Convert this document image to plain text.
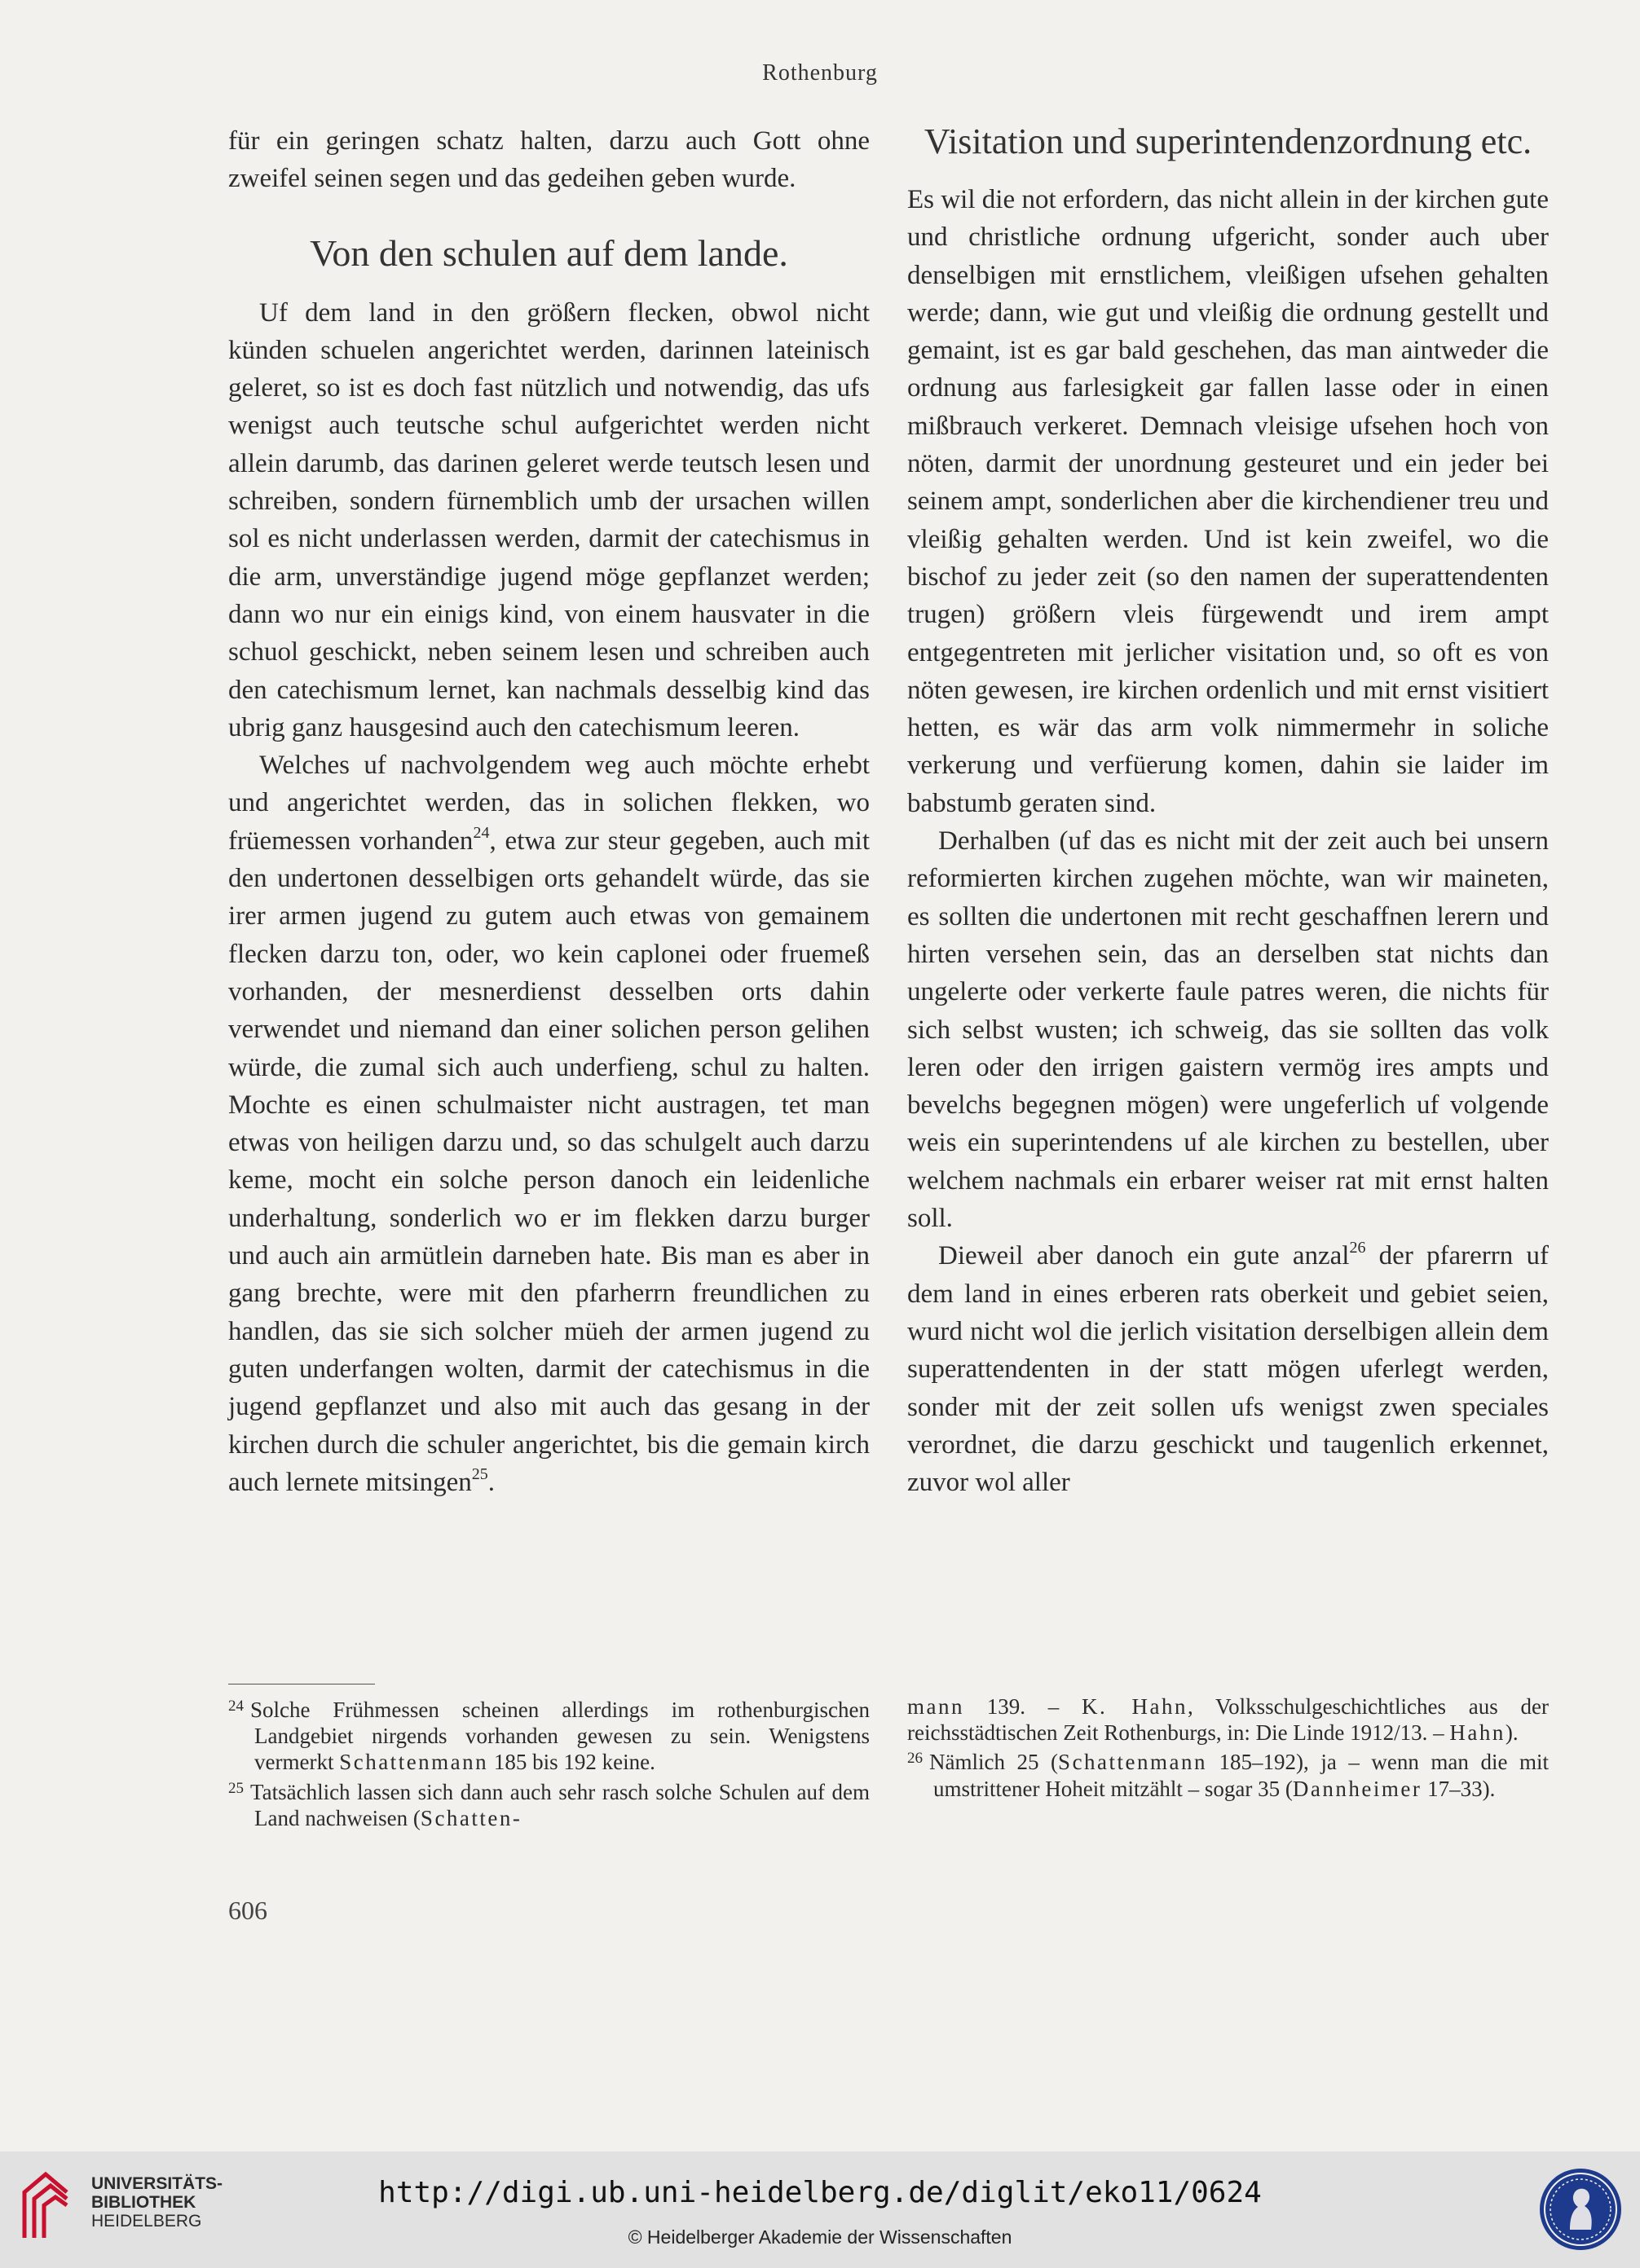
Rothenburg

für ein geringen schatz halten, darzu auch Gott ohne zweifel seinen segen und das gedeihen geben wurde.

Von den schulen auf dem lande.

Uf dem land in den größern flecken, obwol nicht künden schuelen angerichtet werden, darinnen lateinisch geleret, so ist es doch fast nützlich und notwendig, das ufs wenigst auch teutsche schul aufgerichtet werden nicht allein darumb, das darinen geleret werde teutsch lesen und schreiben, sondern fürnemblich umb der ursachen willen sol es nicht underlassen werden, darmit der catechismus in die arm, unverständige jugend möge gepflanzet werden; dann wo nur ein einigs kind, von einem hausvater in die schuol geschickt, neben seinem lesen und schreiben auch den catechismum lernet, kan nachmals desselbig kind das ubrig ganz hausgesind auch den catechismum leeren.

Welches uf nachvolgendem weg auch möchte erhebt und angerichtet werden, das in solichen flekken, wo früemessen vorhanden$^{24}$, etwa zur steur gegeben, auch mit den undertonen desselbigen orts gehandelt würde, das sie irer armen jugend zu gutem auch etwas von gemainem flecken darzu ton, oder, wo kein caplonei oder fruemeß vorhanden, der mesnerdienst desselben orts dahin verwendet und niemand dan einer solichen person gelihen würde, die zumal sich auch underfieng, schul zu halten. Mochte es einen schulmaister nicht austragen, tet man etwas von heiligen darzu und, so das schulgelt auch darzu keme, mocht ein solche person danoch ein leidenliche underhaltung, sonderlich wo er im flekken darzu burger und auch ain armütlein darneben hate. Bis man es aber in gang brechte, were mit den pfarherrn freundlichen zu handlen, das sie sich solcher müeh der armen jugend zu guten underfangen wolten, darmit der catechismus in die jugend gepflanzet und also mit auch das gesang in der kirchen durch die schuler angerichtet, bis die gemain kirch auch lernete mitsingen$^{25}$.

Visitation und superintendenzordnung etc.

Es wil die not erfordern, das nicht allein in der kirchen gute und christliche ordnung ufgericht, sonder auch uber denselbigen mit ernstlichem, vleißigen ufsehen gehalten werde; dann, wie gut und vleißig die ordnung gestellt und gemaint, ist es gar bald geschehen, das man aintweder die ordnung aus farlesigkeit gar fallen lasse oder in einen mißbrauch verkeret. Demnach vleisige ufsehen hoch von nöten, darmit der unordnung gesteuret und ein jeder bei seinem ampt, sonderlichen aber die kirchendiener treu und vleißig gehalten werden. Und ist kein zweifel, wo die bischof zu jeder zeit (so den namen der superattendenten trugen) größern vleis fürgewendt und irem ampt entgegentreten mit jerlicher visitation und, so oft es von nöten gewesen, ire kirchen ordenlich und mit ernst visitiert hetten, es wär das arm volk nimmermehr in soliche verkerung und verfüerung komen, dahin sie laider im babstumb geraten sind.

Derhalben (uf das es nicht mit der zeit auch bei unsern reformierten kirchen zugehen möchte, wan wir maineten, es sollten die undertonen mit recht geschaffnen lerern und hirten versehen sein, das an derselben stat nichts dan ungelerte oder verkerte faule patres weren, die nichts für sich selbst wusten; ich schweig, das sie sollten das volk leren oder den irrigen gaistern vermög ires ampts und bevelchs begegnen mögen) were ungeferlich uf volgende weis ein superintendens uf ale kirchen zu bestellen, uber welchem nachmals ein erbarer weiser rat mit ernst halten soll.

Dieweil aber danoch ein gute anzal$^{26}$ der pfarerrn uf dem land in eines erberen rats oberkeit und gebiet seien, wurd nicht wol die jerlich visitation derselbigen allein dem superattendenten in der statt mögen uferlegt werden, sonder mit der zeit sollen ufs wenigst zwen speciales verordnet, die darzu geschickt und taugenlich erkennet, zuvor wol aller

$^{24}$ Solche Frühmessen scheinen allerdings im rothenburgischen Landgebiet nirgends vorhanden gewesen zu sein. Wenigstens vermerkt Schattenmann 185 bis 192 keine.

$^{25}$ Tatsächlich lassen sich dann auch sehr rasch solche Schulen auf dem Land nachweisen (Schatten-

mann 139. – K. Hahn, Volksschulgeschichtliches aus der reichsstädtischen Zeit Rothenburgs, in: Die Linde 1912/13. – Hahn).

$^{26}$ Nämlich 25 (Schattenmann 185–192), ja – wenn man die mit umstrittener Hoheit mitzählt – sogar 35 (Dannheimer 17–33).

606
UNIVERSITÄTS-
BIBLIOTHEK
HEIDELBERG
http://digi.ub.uni-heidelberg.de/diglit/eko11/0624
© Heidelberger Akademie der Wissenschaften
